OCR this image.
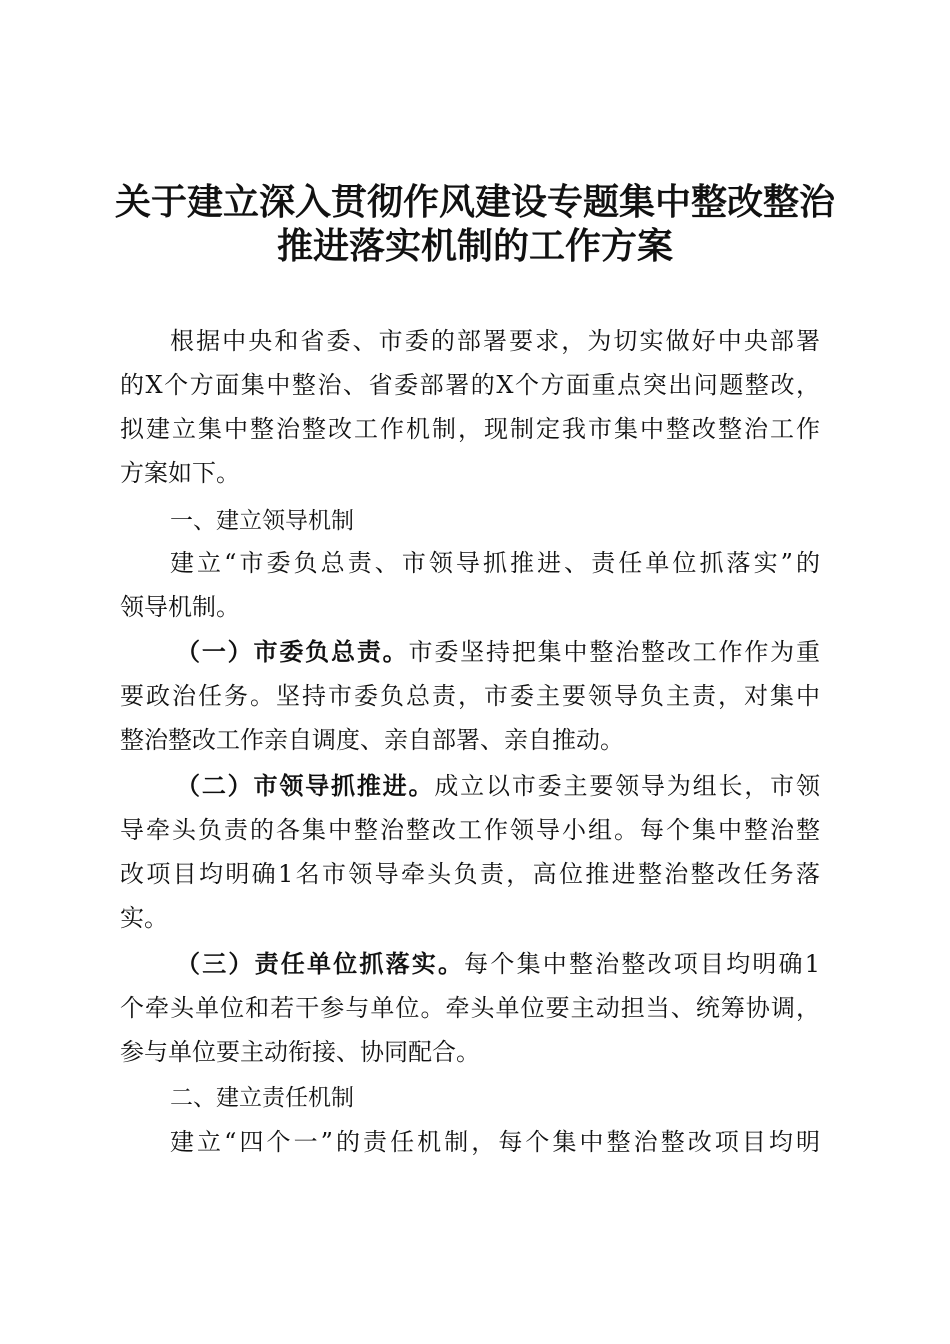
关于建立深入贯彻作风建设专题集中整改整治
推进落实机制的工作方案
根据中央和省委、市委的部署要求，为切实做好中央部署
的X个方面集中整治、省委部署的X个方面重点突出问题整改，
拟建立集中整治整改工作机制，现制定我市集中整改整治工作
方案如下。
一、建立领导机制
建立“市委负总责、市领导抓推进、责任单位抓落实”的
领导机制。
（一）市委负总责。市委坚持把集中整治整改工作作为重
要政治任务。坚持市委负总责，市委主要领导负主责，对集中
整治整改工作亲自调度、亲自部署、亲自推动。
（二）市领导抓推进。成立以市委主要领导为组长，市领
导牵头负责的各集中整治整改工作领导小组。每个集中整治整
改项目均明确1名市领导牵头负责，高位推进整治整改任务落
实。
（三）责任单位抓落实。每个集中整治整改项目均明确1
个牵头单位和若干参与单位。牵头单位要主动担当、统筹协调，
参与单位要主动衔接、协同配合。
二、建立责任机制
建立“四个一”的责任机制，每个集中整治整改项目均明
